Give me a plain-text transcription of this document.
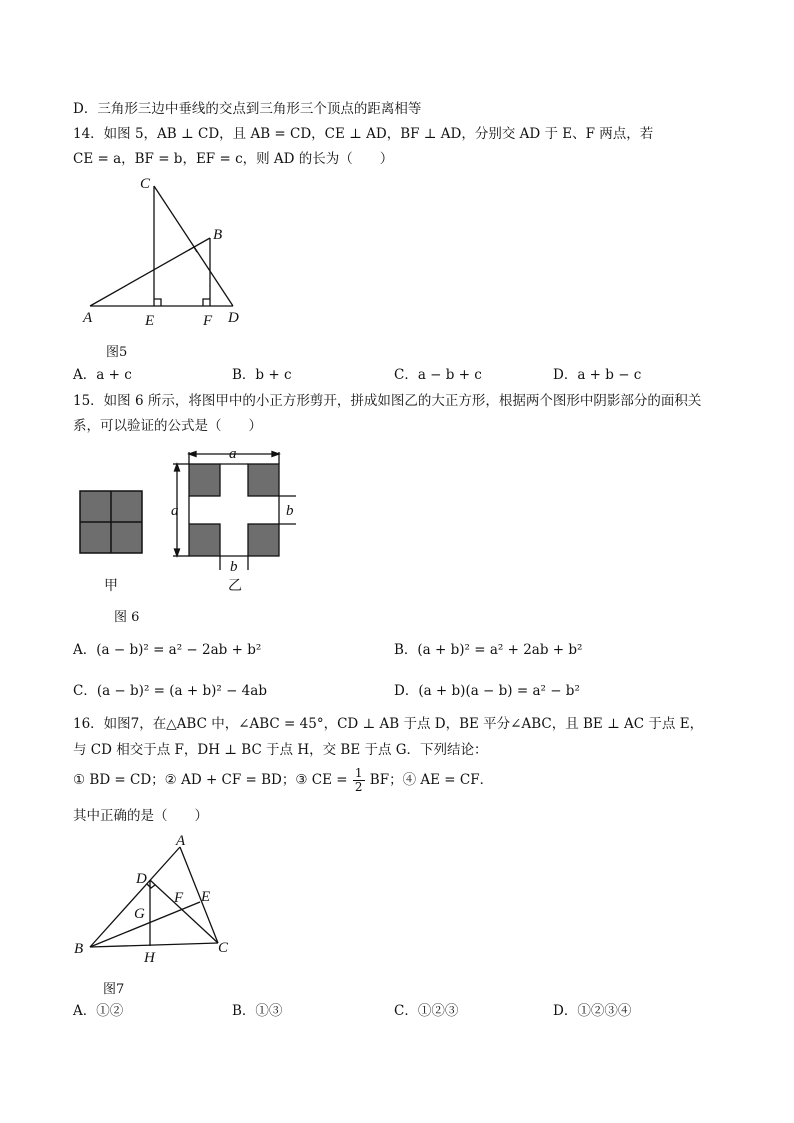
D．三角形三边中垂线的交点到三角形三个顶点的距离相等
14．如图 5，AB ⊥ CD，且 AB = CD，CE ⊥ AD，BF ⊥ AD，分别交 AD 于 E、F 两点，若
CE = a，BF = b，EF = c，则 AD 的长为（　　）
C
B
A	E	F D
图5
A．a + c	B．b + c	C．a − b + c	D．a + b − c
15．如图 6 所示，将图甲中的小正方形剪开，拼成如图乙的大正方形，根据两个图形中阴影部分的面积关
系，可以验证的公式是（　　）
甲
a
a	b
b
乙
图 6
A．(a − b)² = a² − 2ab + b²	B．(a + b)² = a² + 2ab + b²
C．(a − b)² = (a + b)² − 4ab	D．(a + b)(a − b) = a² − b²
16．如图7，在△ABC 中，∠ABC = 45°，CD ⊥ AB 于点 D，BE 平分∠ABC，且 BE ⊥ AC 于点 E，
与 CD 相交于点 F，DH ⊥ BC 于点 H，交 BE 于点 G．下列结论：
① BD = CD；② AD + CF = BD；③ CE = $\frac{1}{2}$ BF；④ AE = CF．
其中正确的是（　　）
A
D
F E
G
B	C
H
图7
A．①②	B．①③	C．①②③	D．①②③④
